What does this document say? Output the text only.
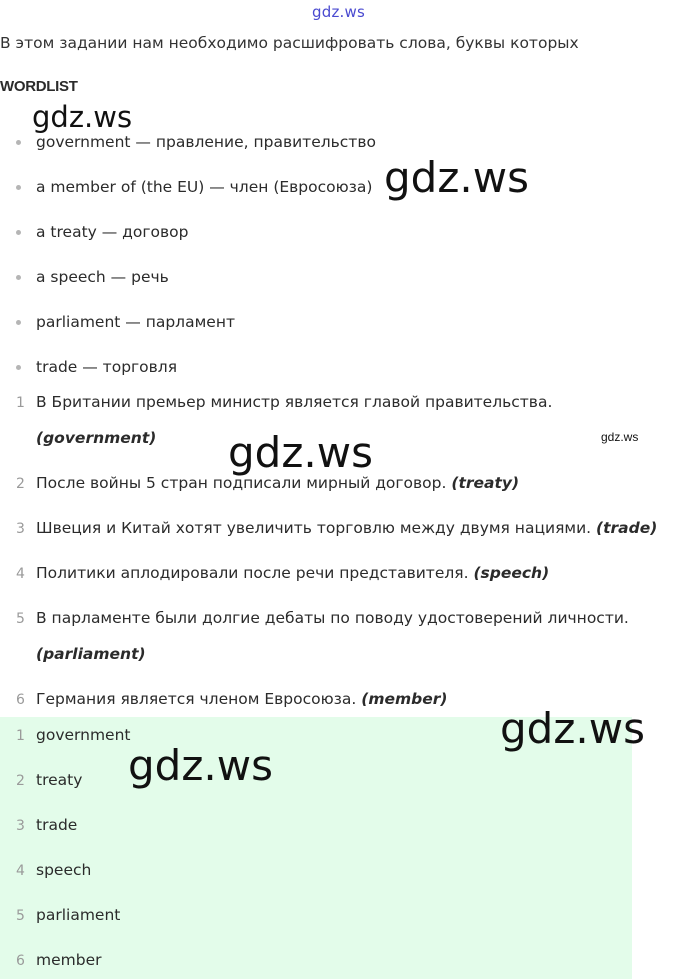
gdz.ws
В этом задании нам необходимо расшифровать слова, буквы которых
WORDLIST
gdz.ws
government — правление, правительство
a member of (the EU) — член (Евросоюза)
a treaty — договор
a speech — речь
parliament — парламент
trade — торговля
gdz.ws
1 В Британии премьер министр является главой правительства.
(government)
2 После войны 5 стран подписали мирный договор. (treaty)
3 Швеция и Китай хотят увеличить торговлю между двумя нациями. (trade)
4 Политики аплодировали после речи представителя. (speech)
5 В парламенте были долгие дебаты по поводу удостоверений личности.
(parliament)
6 Германия является членом Евросоюза. (member)
gdz.ws
gdz.ws
1 government
2 treaty
3 trade
4 speech
5 parliament
6 member
gdz.ws
gdz.ws
